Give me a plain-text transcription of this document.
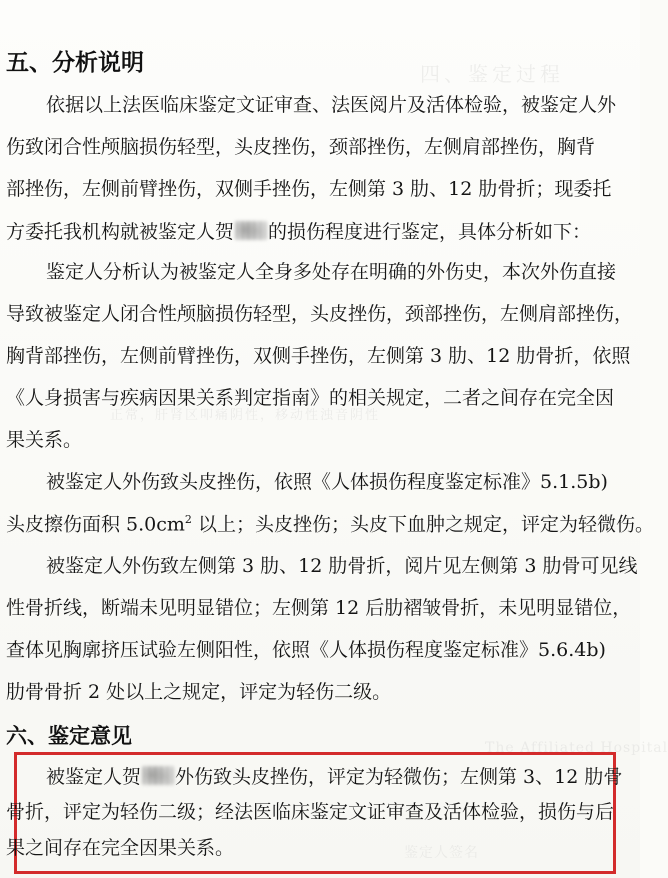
四、鉴定过程
正常，肝肾区叩痛阴性，移动性浊音阴性
The Affiliated Hospital
鉴定人签名
五、分析说明
依据以上法医临床鉴定文证审查、法医阅片及活体检验，被鉴定人外
伤致闭合性颅脑损伤轻型，头皮挫伤，颈部挫伤，左侧肩部挫伤，胸背
部挫伤，左侧前臂挫伤，双侧手挫伤，左侧第 3 肋、12 肋骨折；现委托
方委托我机构就被鉴定人贺 的损伤程度进行鉴定，具体分析如下：
鉴定人分析认为被鉴定人全身多处存在明确的外伤史，本次外伤直接
导致被鉴定人闭合性颅脑损伤轻型，头皮挫伤，颈部挫伤，左侧肩部挫伤，
胸背部挫伤，左侧前臂挫伤，双侧手挫伤，左侧第 3 肋、12 肋骨折，依照
《人身损害与疾病因果关系判定指南》的相关规定，二者之间存在完全因
果关系。
被鉴定人外伤致头皮挫伤，依照《人体损伤程度鉴定标准》5.1.5b)
头皮擦伤面积 $5.0cm^2$ 以上；头皮挫伤；头皮下血肿之规定，评定为轻微伤。
被鉴定人外伤致左侧第 3 肋、12 肋骨折，阅片见左侧第 3 肋骨可见线
性骨折线，断端未见明显错位；左侧第 12 后肋褶皱骨折，未见明显错位，
查体见胸廓挤压试验左侧阳性，依照《人体损伤程度鉴定标准》5.6.4b)
肋骨骨折 2 处以上之规定，评定为轻伤二级。
六、鉴定意见
被鉴定人贺 外伤致头皮挫伤，评定为轻微伤；左侧第 3、12 肋骨
骨折，评定为轻伤二级；经法医临床鉴定文证审查及活体检验，损伤与后
果之间存在完全因果关系。
